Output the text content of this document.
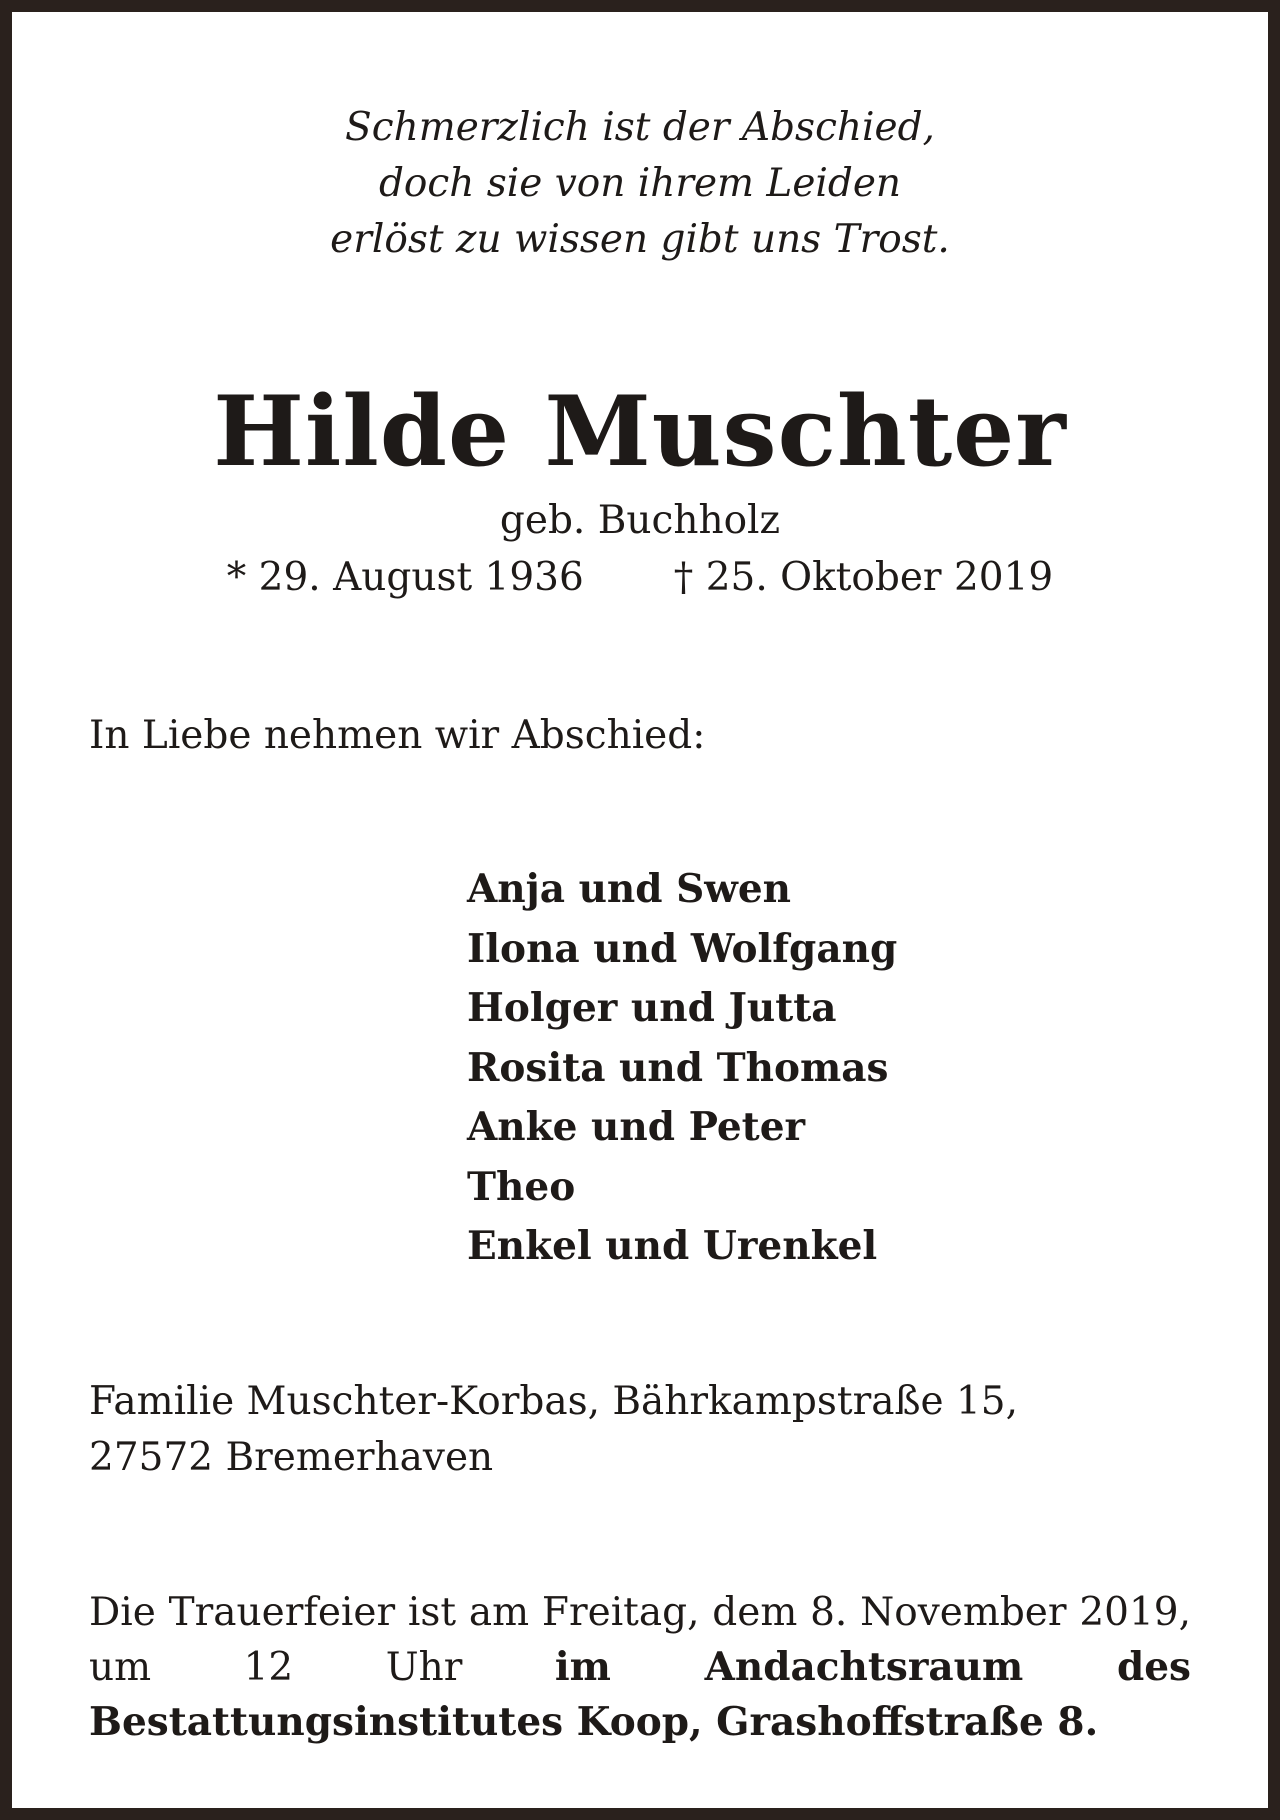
Schmerzlich ist der Abschied,
doch sie von ihrem Leiden
erlöst zu wissen gibt uns Trost.
Hilde Muschter
geb. Buchholz
* 29. August 1936 † 25. Oktober 2019
In Liebe nehmen wir Abschied:
Anja und Swen
Ilona und Wolfgang
Holger und Jutta
Rosita und Thomas
Anke und Peter
Theo
Enkel und Urenkel
Familie Muschter-Korbas, Bährkampstraße 15,
27572 Bremerhaven
Die Trauerfeier ist am Freitag, dem 8. November 2019, um 12 Uhr im Andachtsraum des Bestattungsinstitutes Koop, Grashoffstraße 8.
